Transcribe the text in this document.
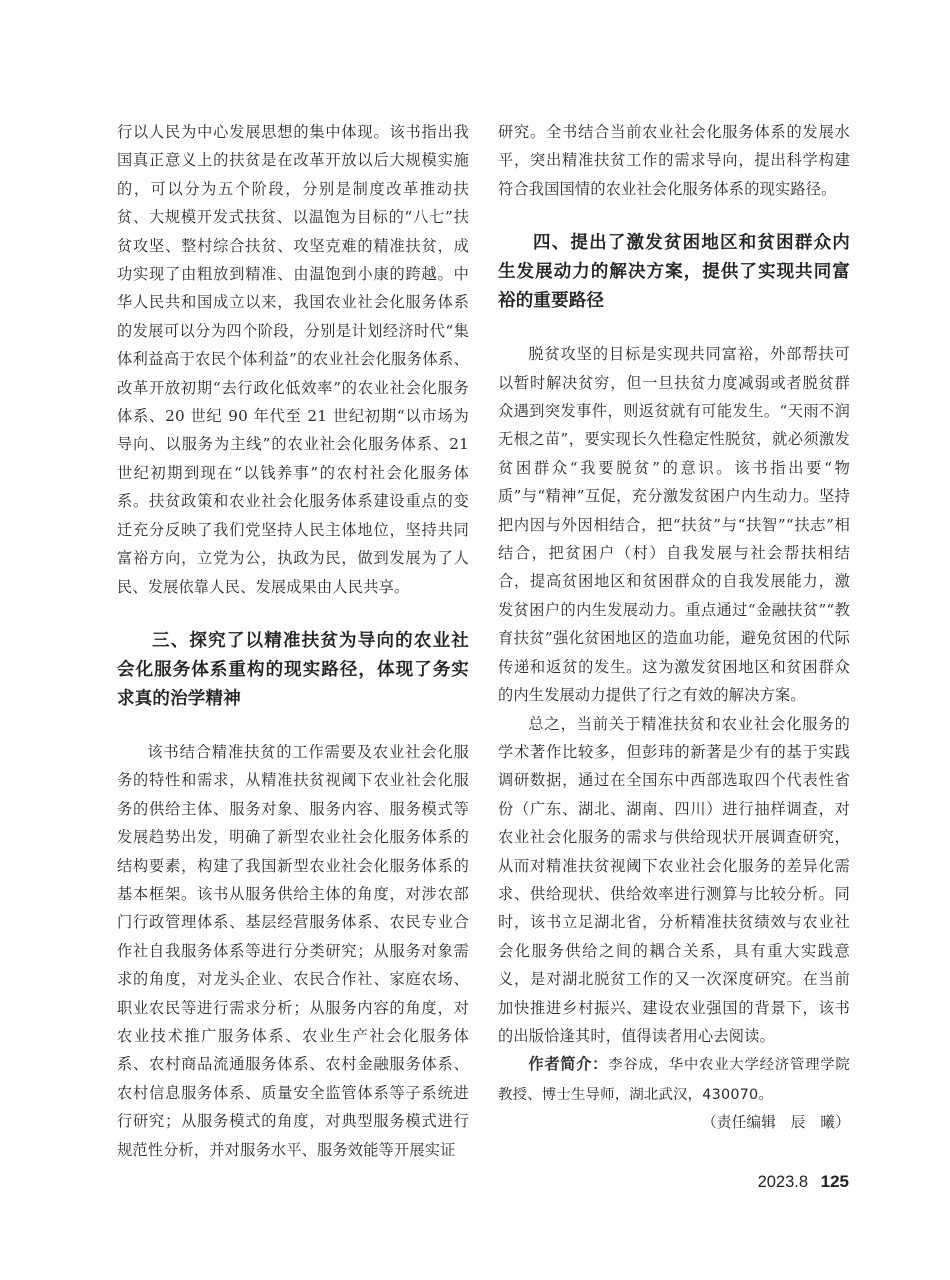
行以人民为中心发展思想的集中体现。该书指出我国真正意义上的扶贫是在改革开放以后大规模实施的，可以分为五个阶段，分别是制度改革推动扶贫、大规模开发式扶贫、以温饱为目标的“八七”扶贫攻坚、整村综合扶贫、攻坚克难的精准扶贫，成功实现了由粗放到精准、由温饱到小康的跨越。中华人民共和国成立以来，我国农业社会化服务体系的发展可以分为四个阶段，分别是计划经济时代“集体利益高于农民个体利益”的农业社会化服务体系、改革开放初期“去行政化低效率”的农业社会化服务体系、20 世纪 90 年代至 21 世纪初期“以市场为导向、以服务为主线”的农业社会化服务体系、21 世纪初期到现在“以钱养事”的农村社会化服务体系。扶贫政策和农业社会化服务体系建设重点的变迁充分反映了我们党坚持人民主体地位，坚持共同富裕方向，立党为公，执政为民，做到发展为了人民、发展依靠人民、发展成果由人民共享。

三、探究了以精准扶贫为导向的农业社会化服务体系重构的现实路径，体现了务实求真的治学精神

该书结合精准扶贫的工作需要及农业社会化服务的特性和需求，从精准扶贫视阈下农业社会化服务的供给主体、服务对象、服务内容、服务模式等发展趋势出发，明确了新型农业社会化服务体系的结构要素，构建了我国新型农业社会化服务体系的基本框架。该书从服务供给主体的角度，对涉农部门行政管理体系、基层经营服务体系、农民专业合作社自我服务体系等进行分类研究；从服务对象需求的角度，对龙头企业、农民合作社、家庭农场、职业农民等进行需求分析；从服务内容的角度，对农业技术推广服务体系、农业生产社会化服务体系、农村商品流通服务体系、农村金融服务体系、农村信息服务体系、质量安全监管体系等子系统进行研究；从服务模式的角度，对典型服务模式进行规范性分析，并对服务水平、服务效能等开展实证

研究。全书结合当前农业社会化服务体系的发展水平，突出精准扶贫工作的需求导向，提出科学构建符合我国国情的农业社会化服务体系的现实路径。

四、提出了激发贫困地区和贫困群众内生发展动力的解决方案，提供了实现共同富裕的重要路径

脱贫攻坚的目标是实现共同富裕，外部帮扶可以暂时解决贫穷，但一旦扶贫力度减弱或者脱贫群众遇到突发事件，则返贫就有可能发生。“天雨不润无根之苗”，要实现长久性稳定性脱贫，就必须激发贫困群众“我要脱贫”的意识。该书指出要“物质”与“精神”互促，充分激发贫困户内生动力。坚持把内因与外因相结合，把“扶贫”与“扶智”“扶志”相结合，把贫困户（村）自我发展与社会帮扶相结合，提高贫困地区和贫困群众的自我发展能力，激发贫困户的内生发展动力。重点通过“金融扶贫”“教育扶贫”强化贫困地区的造血功能，避免贫困的代际传递和返贫的发生。这为激发贫困地区和贫困群众的内生发展动力提供了行之有效的解决方案。

总之，当前关于精准扶贫和农业社会化服务的学术著作比较多，但彭玮的新著是少有的基于实践调研数据，通过在全国东中西部选取四个代表性省份（广东、湖北、湖南、四川）进行抽样调查，对农业社会化服务的需求与供给现状开展调查研究，从而对精准扶贫视阈下农业社会化服务的差异化需求、供给现状、供给效率进行测算与比较分析。同时，该书立足湖北省，分析精准扶贫绩效与农业社会化服务供给之间的耦合关系，具有重大实践意义，是对湖北脱贫工作的又一次深度研究。在当前加快推进乡村振兴、建设农业强国的背景下，该书的出版恰逢其时，值得读者用心去阅读。

作者简介：李谷成，华中农业大学经济管理学院教授、博士生导师，湖北武汉，430070。

（责任编辑　辰　曦）

2023.8 125
